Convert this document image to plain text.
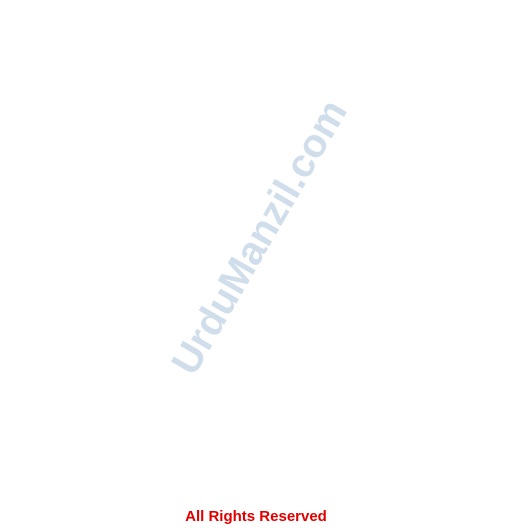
UrduManzil.com

All Rights Reserved
